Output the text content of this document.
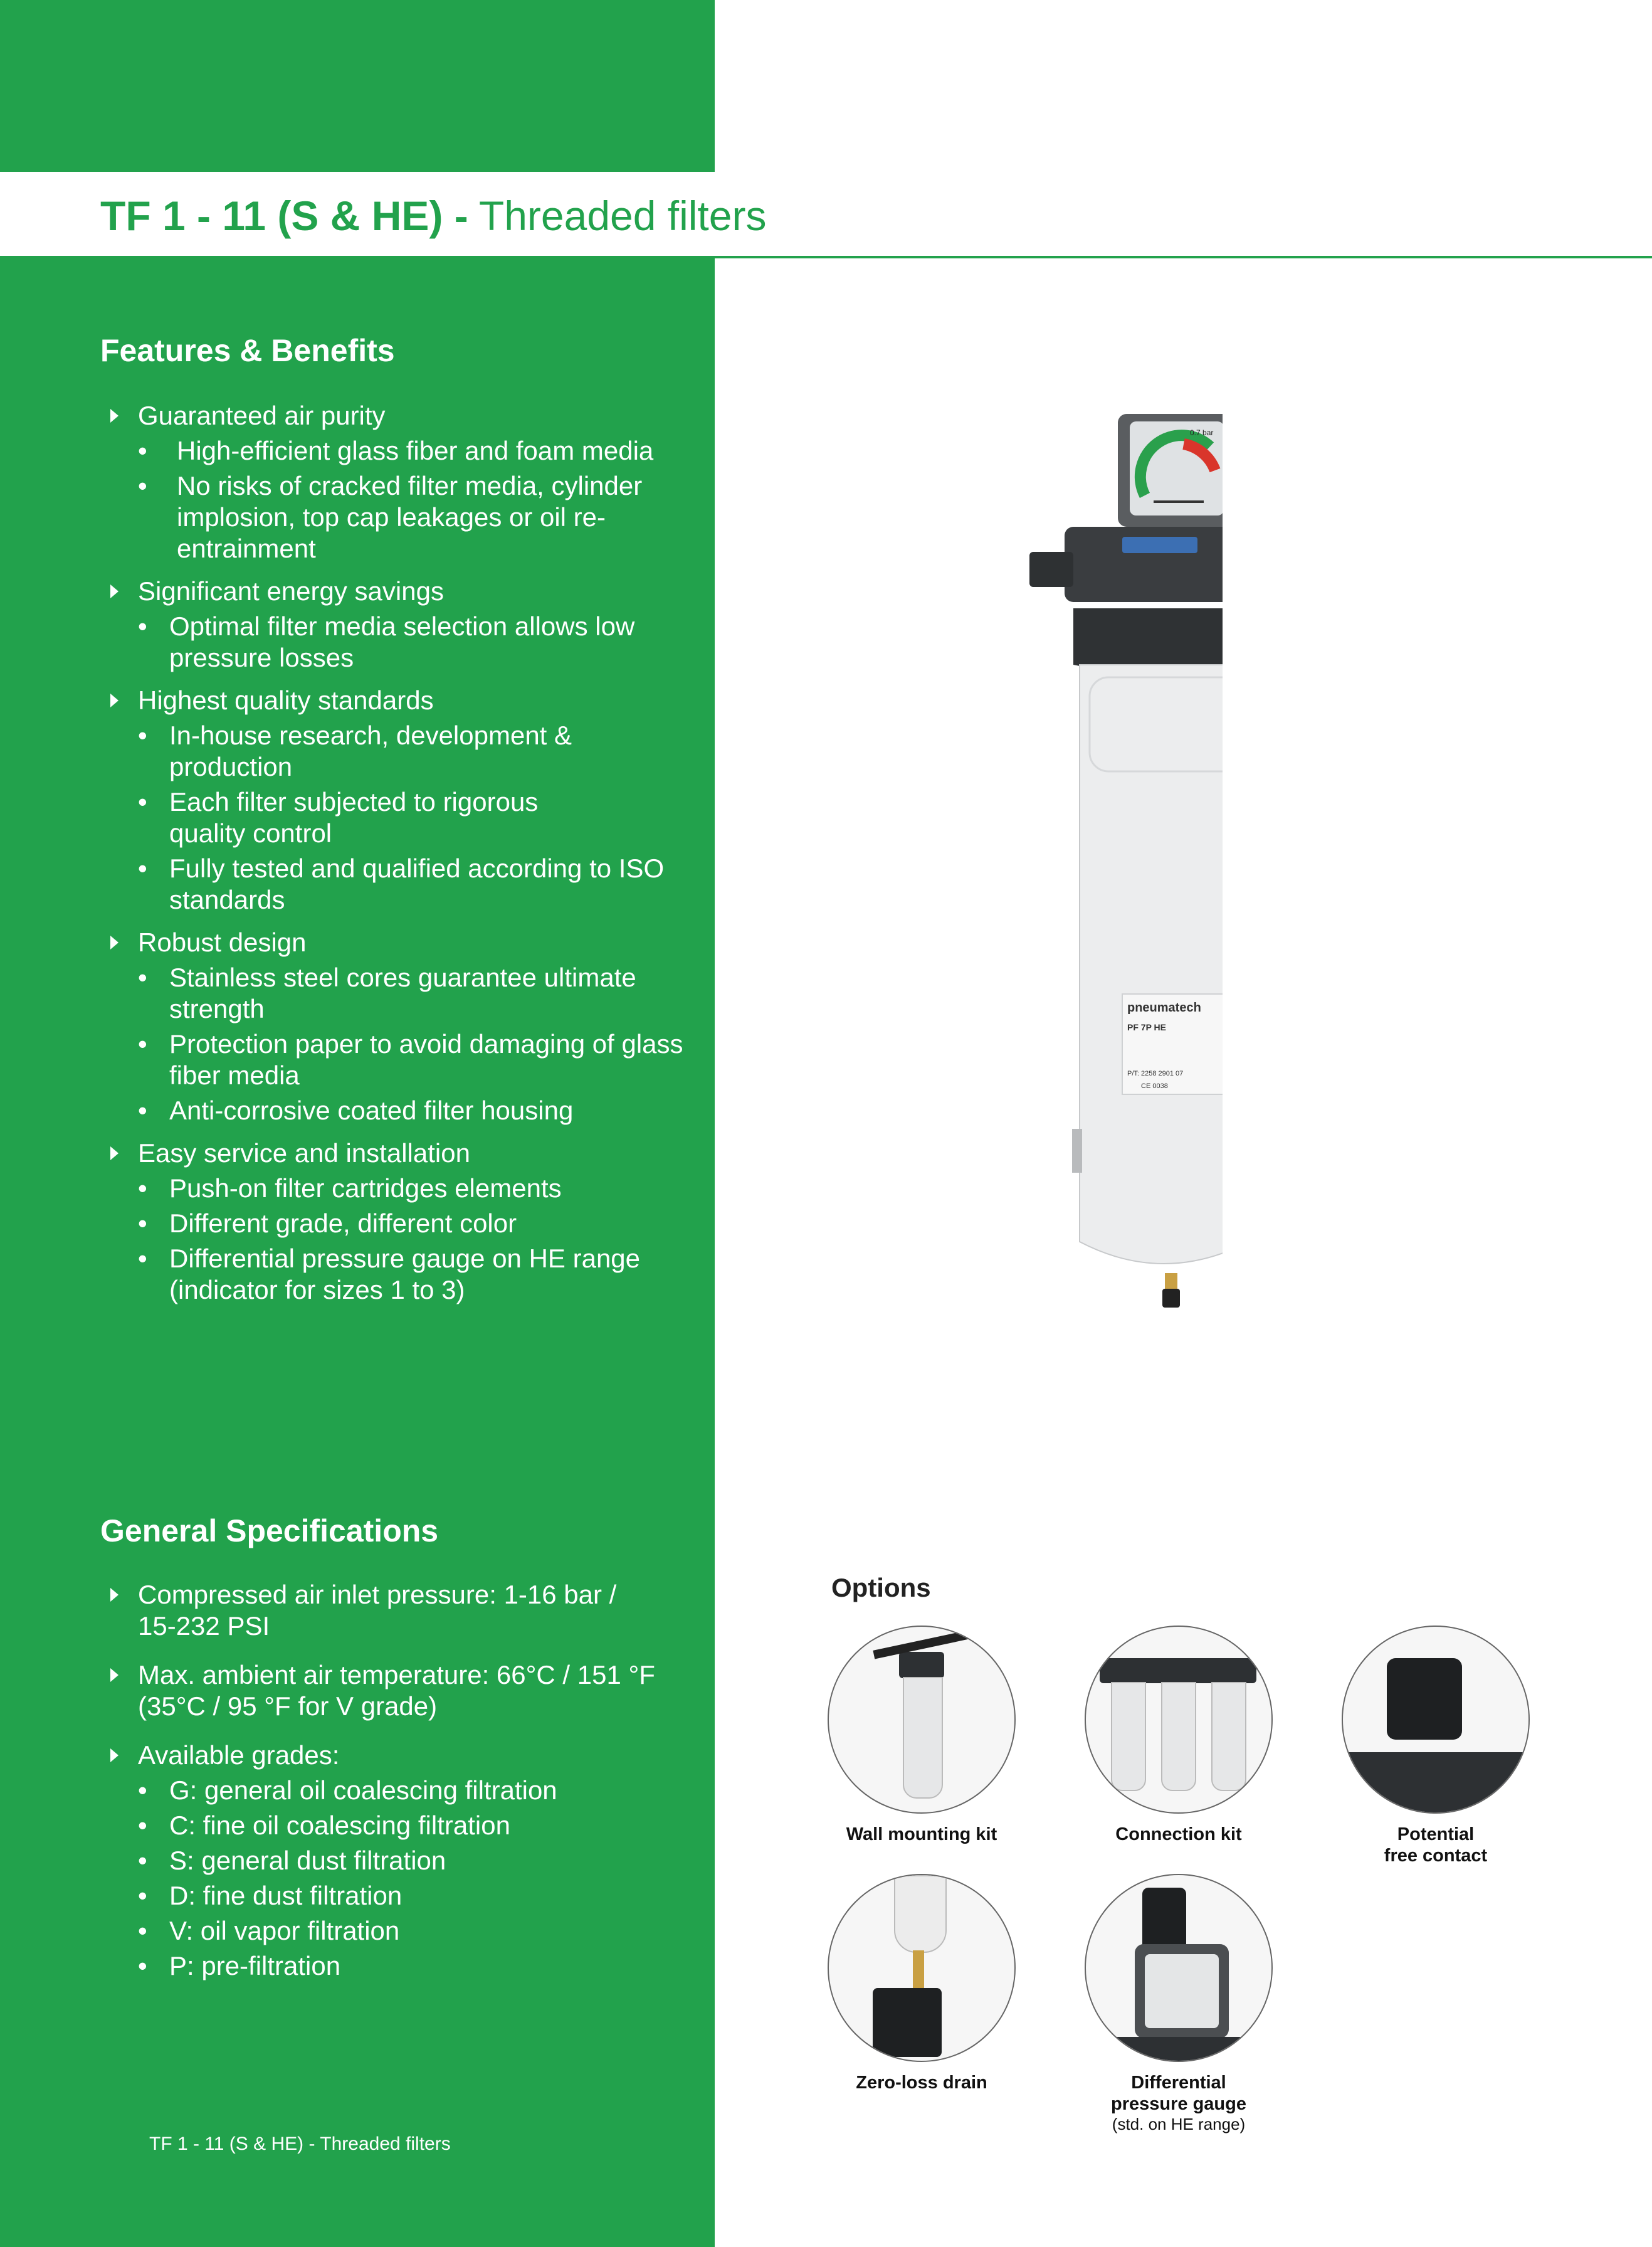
TF 1 - 11 (S & HE) - Threaded filters
Features & Benefits
Guaranteed air purity
• High-efficient glass fiber and foam media
• No risks of cracked filter media, cylinder implosion, top cap leakages or oil re-entrainment
Significant energy savings
• Optimal filter media selection allows low pressure losses
Highest quality standards
• In-house research, development & production
• Each filter subjected to rigorous quality control
• Fully tested and qualified according to ISO standards
Robust design
• Stainless steel cores guarantee ultimate strength
• Protection paper to avoid damaging of glass fiber media
• Anti-corrosive coated filter housing
Easy service and installation
• Push-on filter cartridges elements
• Different grade, different color
• Differential pressure gauge on HE range (indicator for sizes 1 to 3)
General Specifications
Compressed air inlet pressure: 1-16 bar / 15-232 PSI
Max. ambient air temperature: 66°C / 151 °F (35°C / 95 °F for V grade)
Available grades:
• G: general oil coalescing filtration
• C: fine oil coalescing filtration
• S: general dust filtration
• D: fine dust filtration
• V: oil vapor filtration
• P: pre-filtration
TF 1 - 11 (S & HE) - Threaded filters
0.7 bar
pneumatech
PF 7P HE
P/T: 2258 2901 07
CE 0038
Options
Wall mounting kit	Connection kit	Potential
free contact
Zero-loss drain	Differential
pressure gauge
(std. on HE range)
